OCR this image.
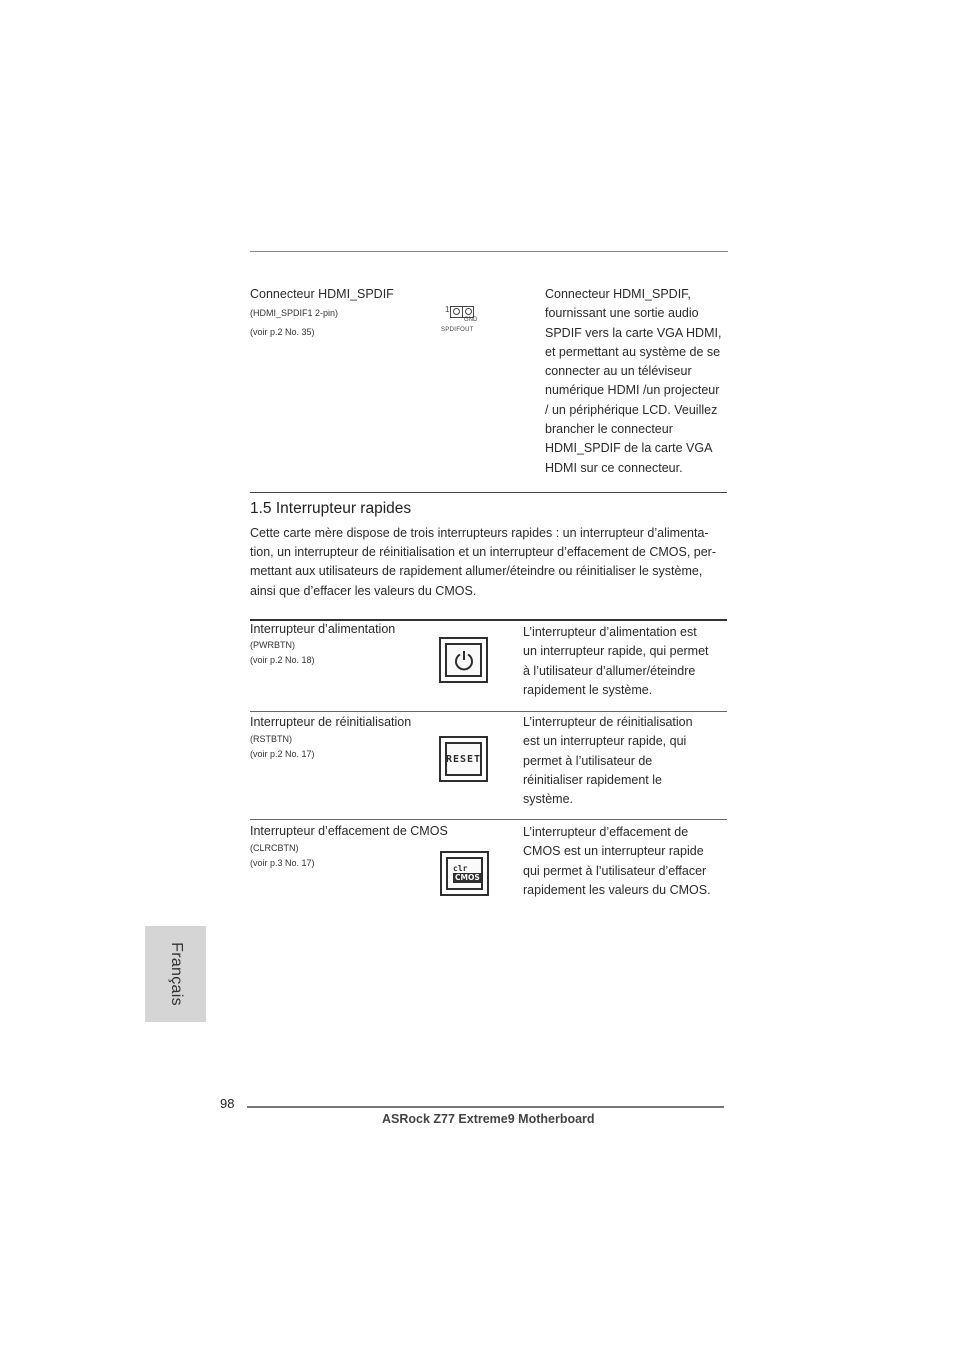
Connecteur HDMI_SPDIF
(HDMI_SPDIF1 2-pin)
(voir p.2 No. 35)
1
GND
SPDIFOUT
Connecteur HDMI_SPDIF,
fournissant une sortie audio
SPDIF vers la carte VGA HDMI,
et permettant au système de se
connecter au un téléviseur
numérique HDMI /un projecteur
/ un périphérique LCD. Veuillez
brancher le connecteur
HDMI_SPDIF de la carte VGA
HDMI sur ce connecteur.
1.5 Interrupteur rapides
Cette carte mère dispose de trois interrupteurs rapides : un interrupteur d’alimenta-
tion, un interrupteur de réinitialisation et un interrupteur d’effacement de CMOS, per-
mettant aux utilisateurs de rapidement allumer/éteindre ou réinitialiser le système,
ainsi que d’effacer les valeurs du CMOS.
Interrupteur d’alimentation
(PWRBTN)
(voir p.2 No. 18)
L’interrupteur d’alimentation est
un interrupteur rapide, qui permet
à l’utilisateur d’allumer/éteindre
rapidement le système.
Interrupteur de réinitialisation
(RSTBTN)
(voir p.2 No. 17)	RESET
L’interrupteur de réinitialisation
est un interrupteur rapide, qui
permet à l’utilisateur de
réinitialiser rapidement le
système.
Interrupteur d’effacement de CMOS
(CLRCBTN)
(voir p.3 No. 17)
clr
CMOS
L’interrupteur d’effacement de
CMOS est un interrupteur rapide
qui permet à l’utilisateur d’effacer
rapidement les valeurs du CMOS.
Français
98
ASRock Z77 Extreme9 Motherboard
